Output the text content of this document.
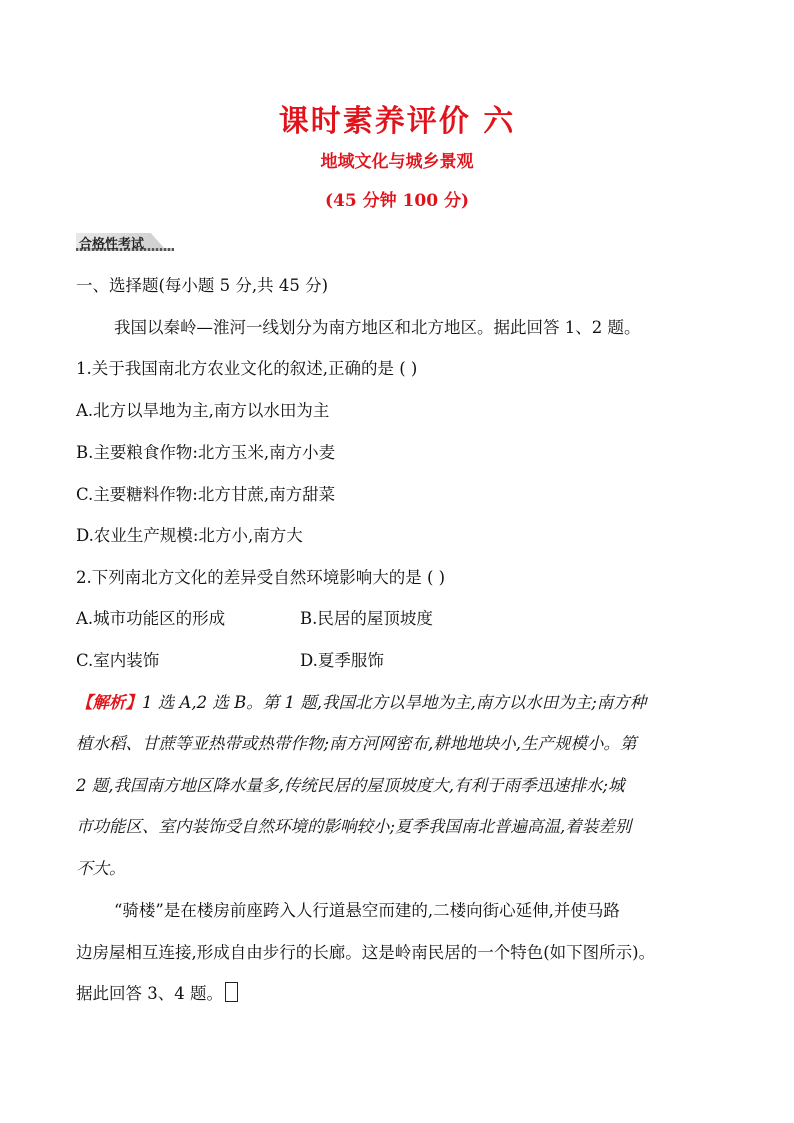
课时素养评价 六
地域文化与城乡景观
(45 分钟 100 分)
合格性考试
一、选择题(每小题 5 分,共 45 分)
我国以秦岭—淮河一线划分为南方地区和北方地区。据此回答 1、2 题。
1.关于我国南北方农业文化的叙述,正确的是 ( )
A.北方以旱地为主,南方以水田为主
B.主要粮食作物:北方玉米,南方小麦
C.主要糖料作物:北方甘蔗,南方甜菜
D.农业生产规模:北方小,南方大
2.下列南北方文化的差异受自然环境影响大的是 ( )
A.城市功能区的形成	B.民居的屋顶坡度
C.室内装饰	D.夏季服饰
【解析】1 选 A,2 选 B。第 1 题,我国北方以旱地为主,南方以水田为主;南方种
植水稻、甘蔗等亚热带或热带作物;南方河网密布,耕地地块小,生产规模小。第
2 题,我国南方地区降水量多,传统民居的屋顶坡度大,有利于雨季迅速排水;城
市功能区、室内装饰受自然环境的影响较小;夏季我国南北普遍高温,着装差别
不大。
“骑楼”是在楼房前座跨入人行道悬空而建的,二楼向街心延伸,并使马路
边房屋相互连接,形成自由步行的长廊。这是岭南民居的一个特色(如下图所示)。
据此回答 3、4 题。
